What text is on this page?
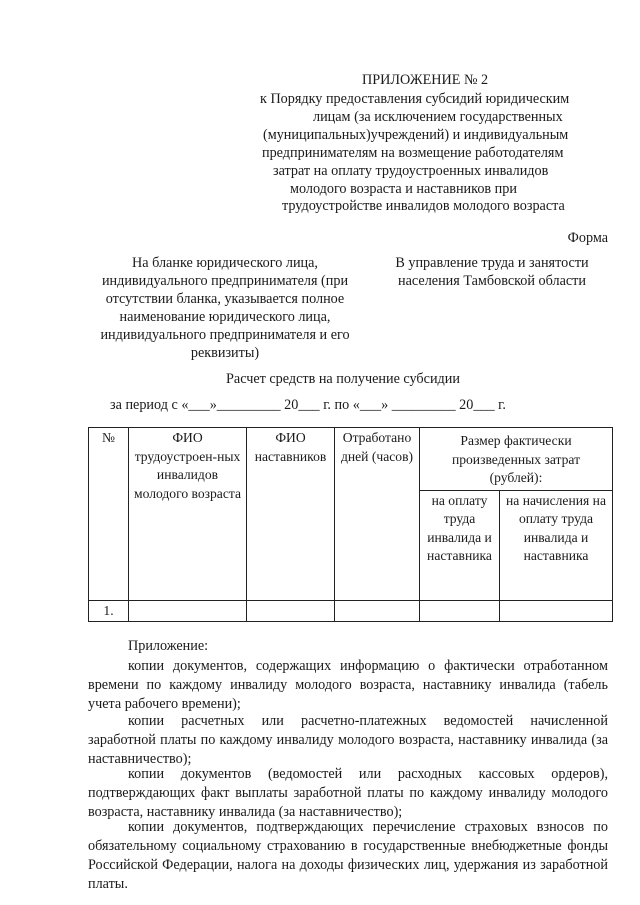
ПРИЛОЖЕНИЕ № 2
к Порядку предоставления субсидий юридическим
лицам (за исключением государственных
(муниципальных)учреждений) и индивидуальным
предпринимателям на возмещение работодателям
затрат на оплату трудоустроенных инвалидов
молодого возраста и наставников при
трудоустройстве инвалидов молодого возраста
Форма
На бланке юридического лица,
индивидуального предпринимателя (при
отсутствии бланка, указывается полное
наименование юридического лица,
индивидуального предпринимателя и его
реквизиты)
В управление труда и занятости
населения Тамбовской области
Расчет средств на получение субсидии
за период с «___»_________ 20___ г. по «___» _________ 20___ г.
№	ФИО трудоустроен-ных инвалидов молодого возраста	ФИО наставников	Отработано дней (часов)	Размер фактически произведенных затрат (рублей):	
				на оплату труда инвалида и наставника	на начисления на оплату труда инвалида и наставника
1.					
Приложение:
копии документов, содержащих информацию о фактически отработанном времени по каждому инвалиду молодого возраста, наставнику инвалида (табель учета рабочего времени);
копии расчетных или расчетно-платежных ведомостей начисленной заработной платы по каждому инвалиду молодого возраста, наставнику инвалида (за наставничество);
копии документов (ведомостей или расходных кассовых ордеров), подтверждающих факт выплаты заработной платы по каждому инвалиду молодого возраста, наставнику инвалида (за наставничество);
копии документов, подтверждающих перечисление страховых взносов по обязательному социальному страхованию в государственные внебюджетные фонды Российской Федерации, налога на доходы физических лиц, удержания из заработной платы.
